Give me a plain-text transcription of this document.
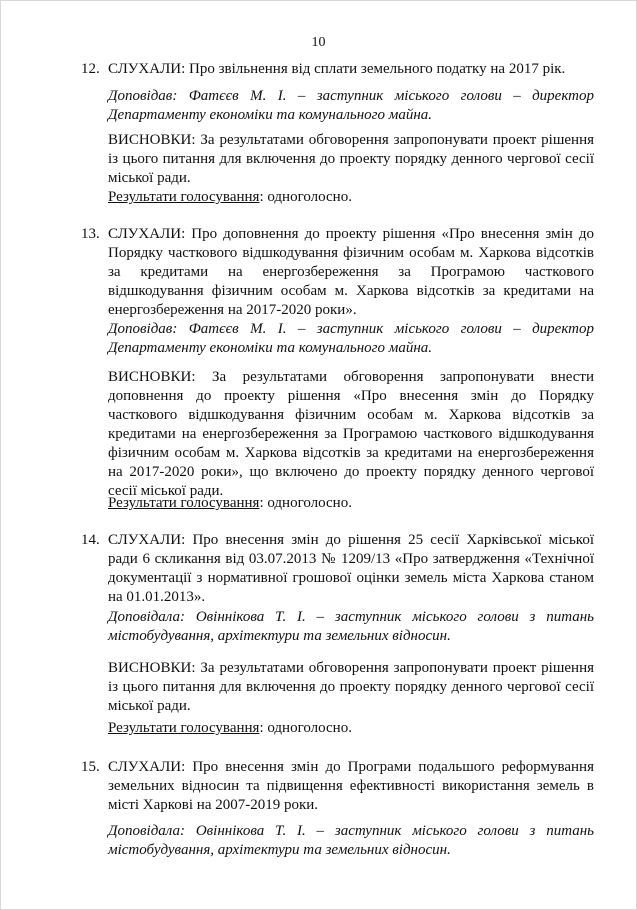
10
12. СЛУХАЛИ: Про звільнення від сплати земельного податку на 2017 рік.
Доповідав: Фатєєв М. І. – заступник міського голови – директор Департаменту економіки та комунального майна.
ВИСНОВКИ: За результатами обговорення запропонувати проект рішення із цього питання для включення до проекту порядку денного чергової сесії міської ради.
Результати голосування: одноголосно.
13. СЛУХАЛИ: Про доповнення до проекту рішення «Про внесення змін до Порядку часткового відшкодування фізичним особам м. Харкова відсотків за кредитами на енергозбереження за Програмою часткового відшкодування фізичним особам м. Харкова відсотків за кредитами на енергозбереження на 2017-2020 роки».
Доповідав: Фатєєв М. І. – заступник міського голови – директор Департаменту економіки та комунального майна.
ВИСНОВКИ: За результатами обговорення запропонувати внести доповнення до проекту рішення «Про внесення змін до Порядку часткового відшкодування фізичним особам м. Харкова відсотків за кредитами на енергозбереження за Програмою часткового відшкодування фізичним особам м. Харкова відсотків за кредитами на енергозбереження на 2017-2020 роки», що включено до проекту порядку денного чергової сесії міської ради.
Результати голосування: одноголосно.
14. СЛУХАЛИ: Про внесення змін до рішення 25 сесії Харківської міської ради 6 скликання від 03.07.2013 № 1209/13 «Про затвердження «Технічної документації з нормативної грошової оцінки земель міста Харкова станом на 01.01.2013».
Доповідала: Овіннікова Т. І. – заступник міського голови з питань містобудування, архітектури та земельних відносин.
ВИСНОВКИ: За результатами обговорення запропонувати проект рішення із цього питання для включення до проекту порядку денного чергової сесії міської ради.
Результати голосування: одноголосно.
15. СЛУХАЛИ: Про внесення змін до Програми подальшого реформування земельних відносин та підвищення ефективності використання земель в місті Харкові на 2007-2019 роки.
Доповідала: Овіннікова Т. І. – заступник міського голови з питань містобудування, архітектури та земельних відносин.
